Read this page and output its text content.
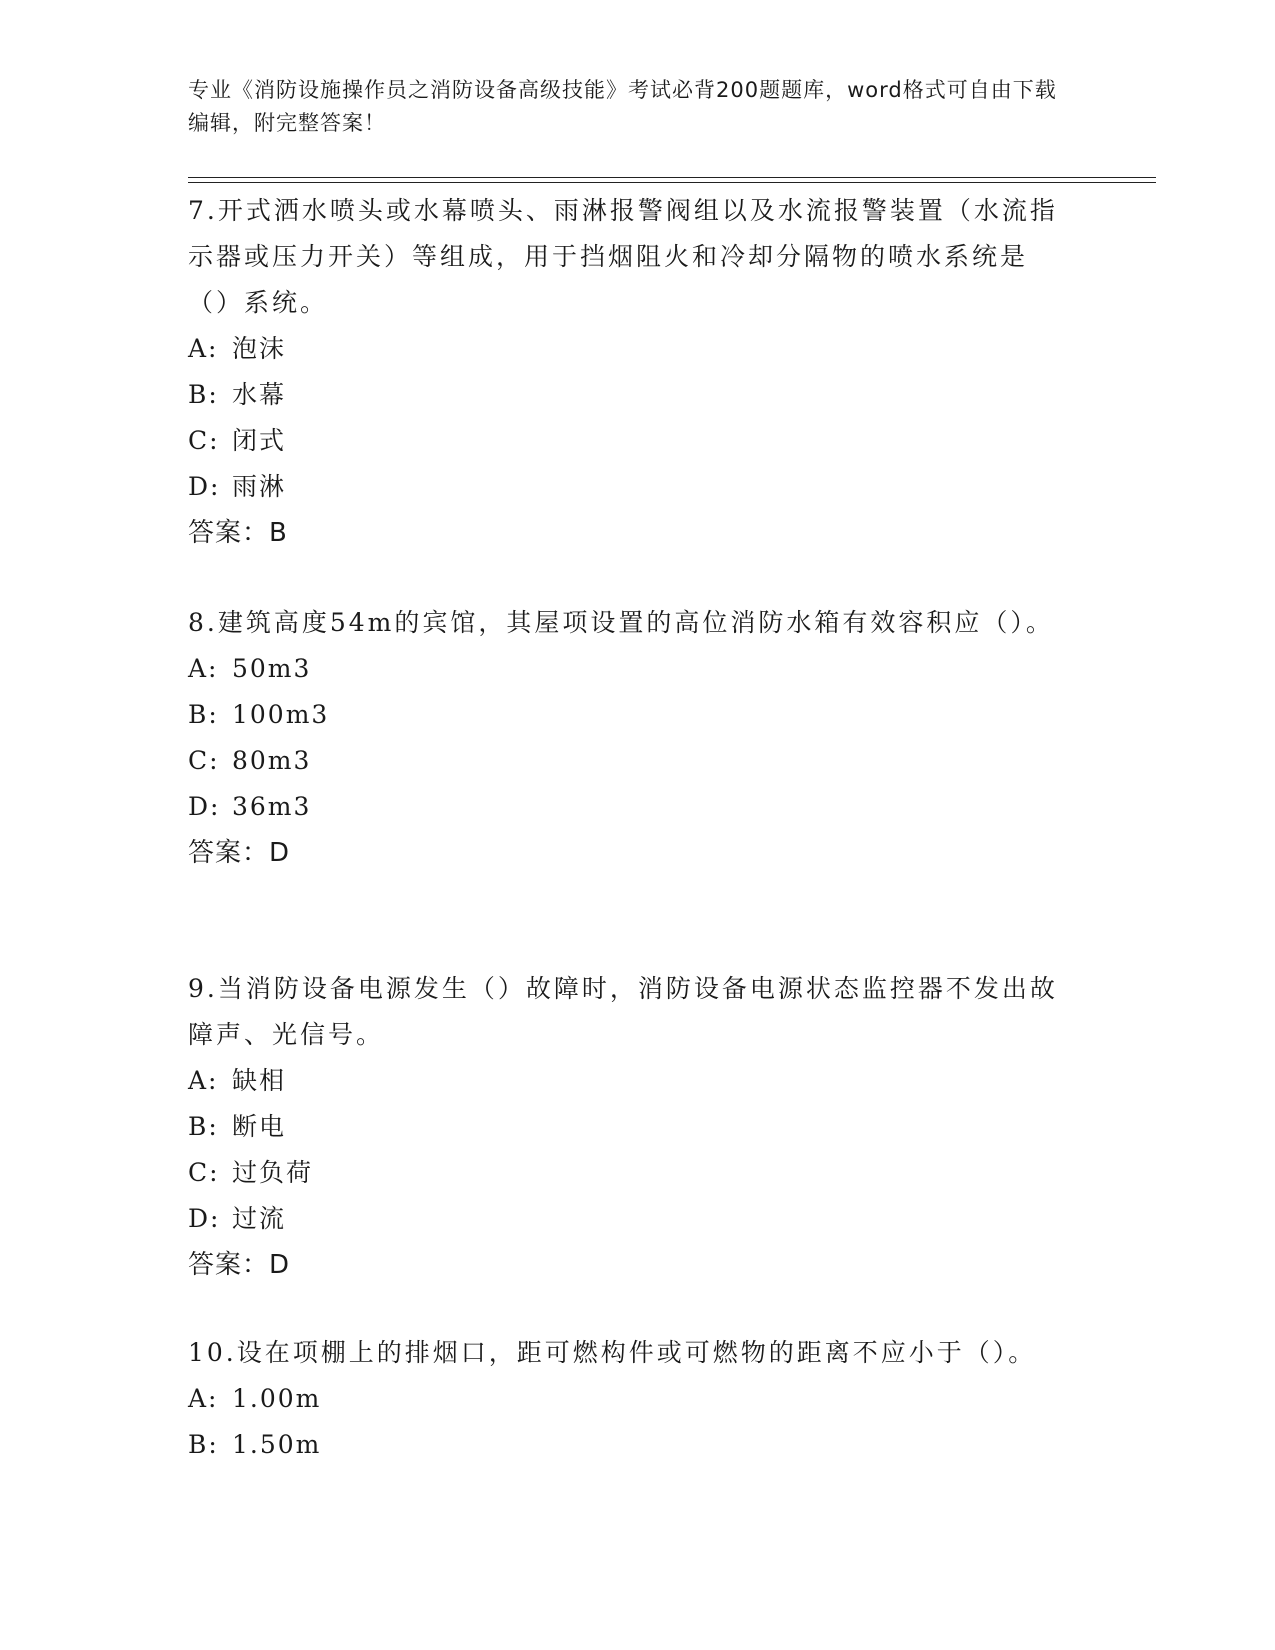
专业《消防设施操作员之消防设备高级技能》考试必背200题题库，word格式可自由下载编辑，附完整答案！

7.开式洒水喷头或水幕喷头、雨淋报警阀组以及水流报警装置（水流指示器或压力开关）等组成，用于挡烟阻火和冷却分隔物的喷水系统是（）系统。

A: 泡沫

B: 水幕

C: 闭式

D: 雨淋

答案：B

8.建筑高度54m的宾馆，其屋项设置的高位消防水箱有效容积应（）。

A: 50m3

B: 100m3

C: 80m3

D: 36m3

答案：D

9.当消防设备电源发生（）故障时，消防设备电源状态监控器不发出故障声、光信号。

A: 缺相

B: 断电

C: 过负荷

D: 过流

答案：D

10.设在项棚上的排烟口，距可燃构件或可燃物的距离不应小于（）。

A: 1.00m

B: 1.50m
